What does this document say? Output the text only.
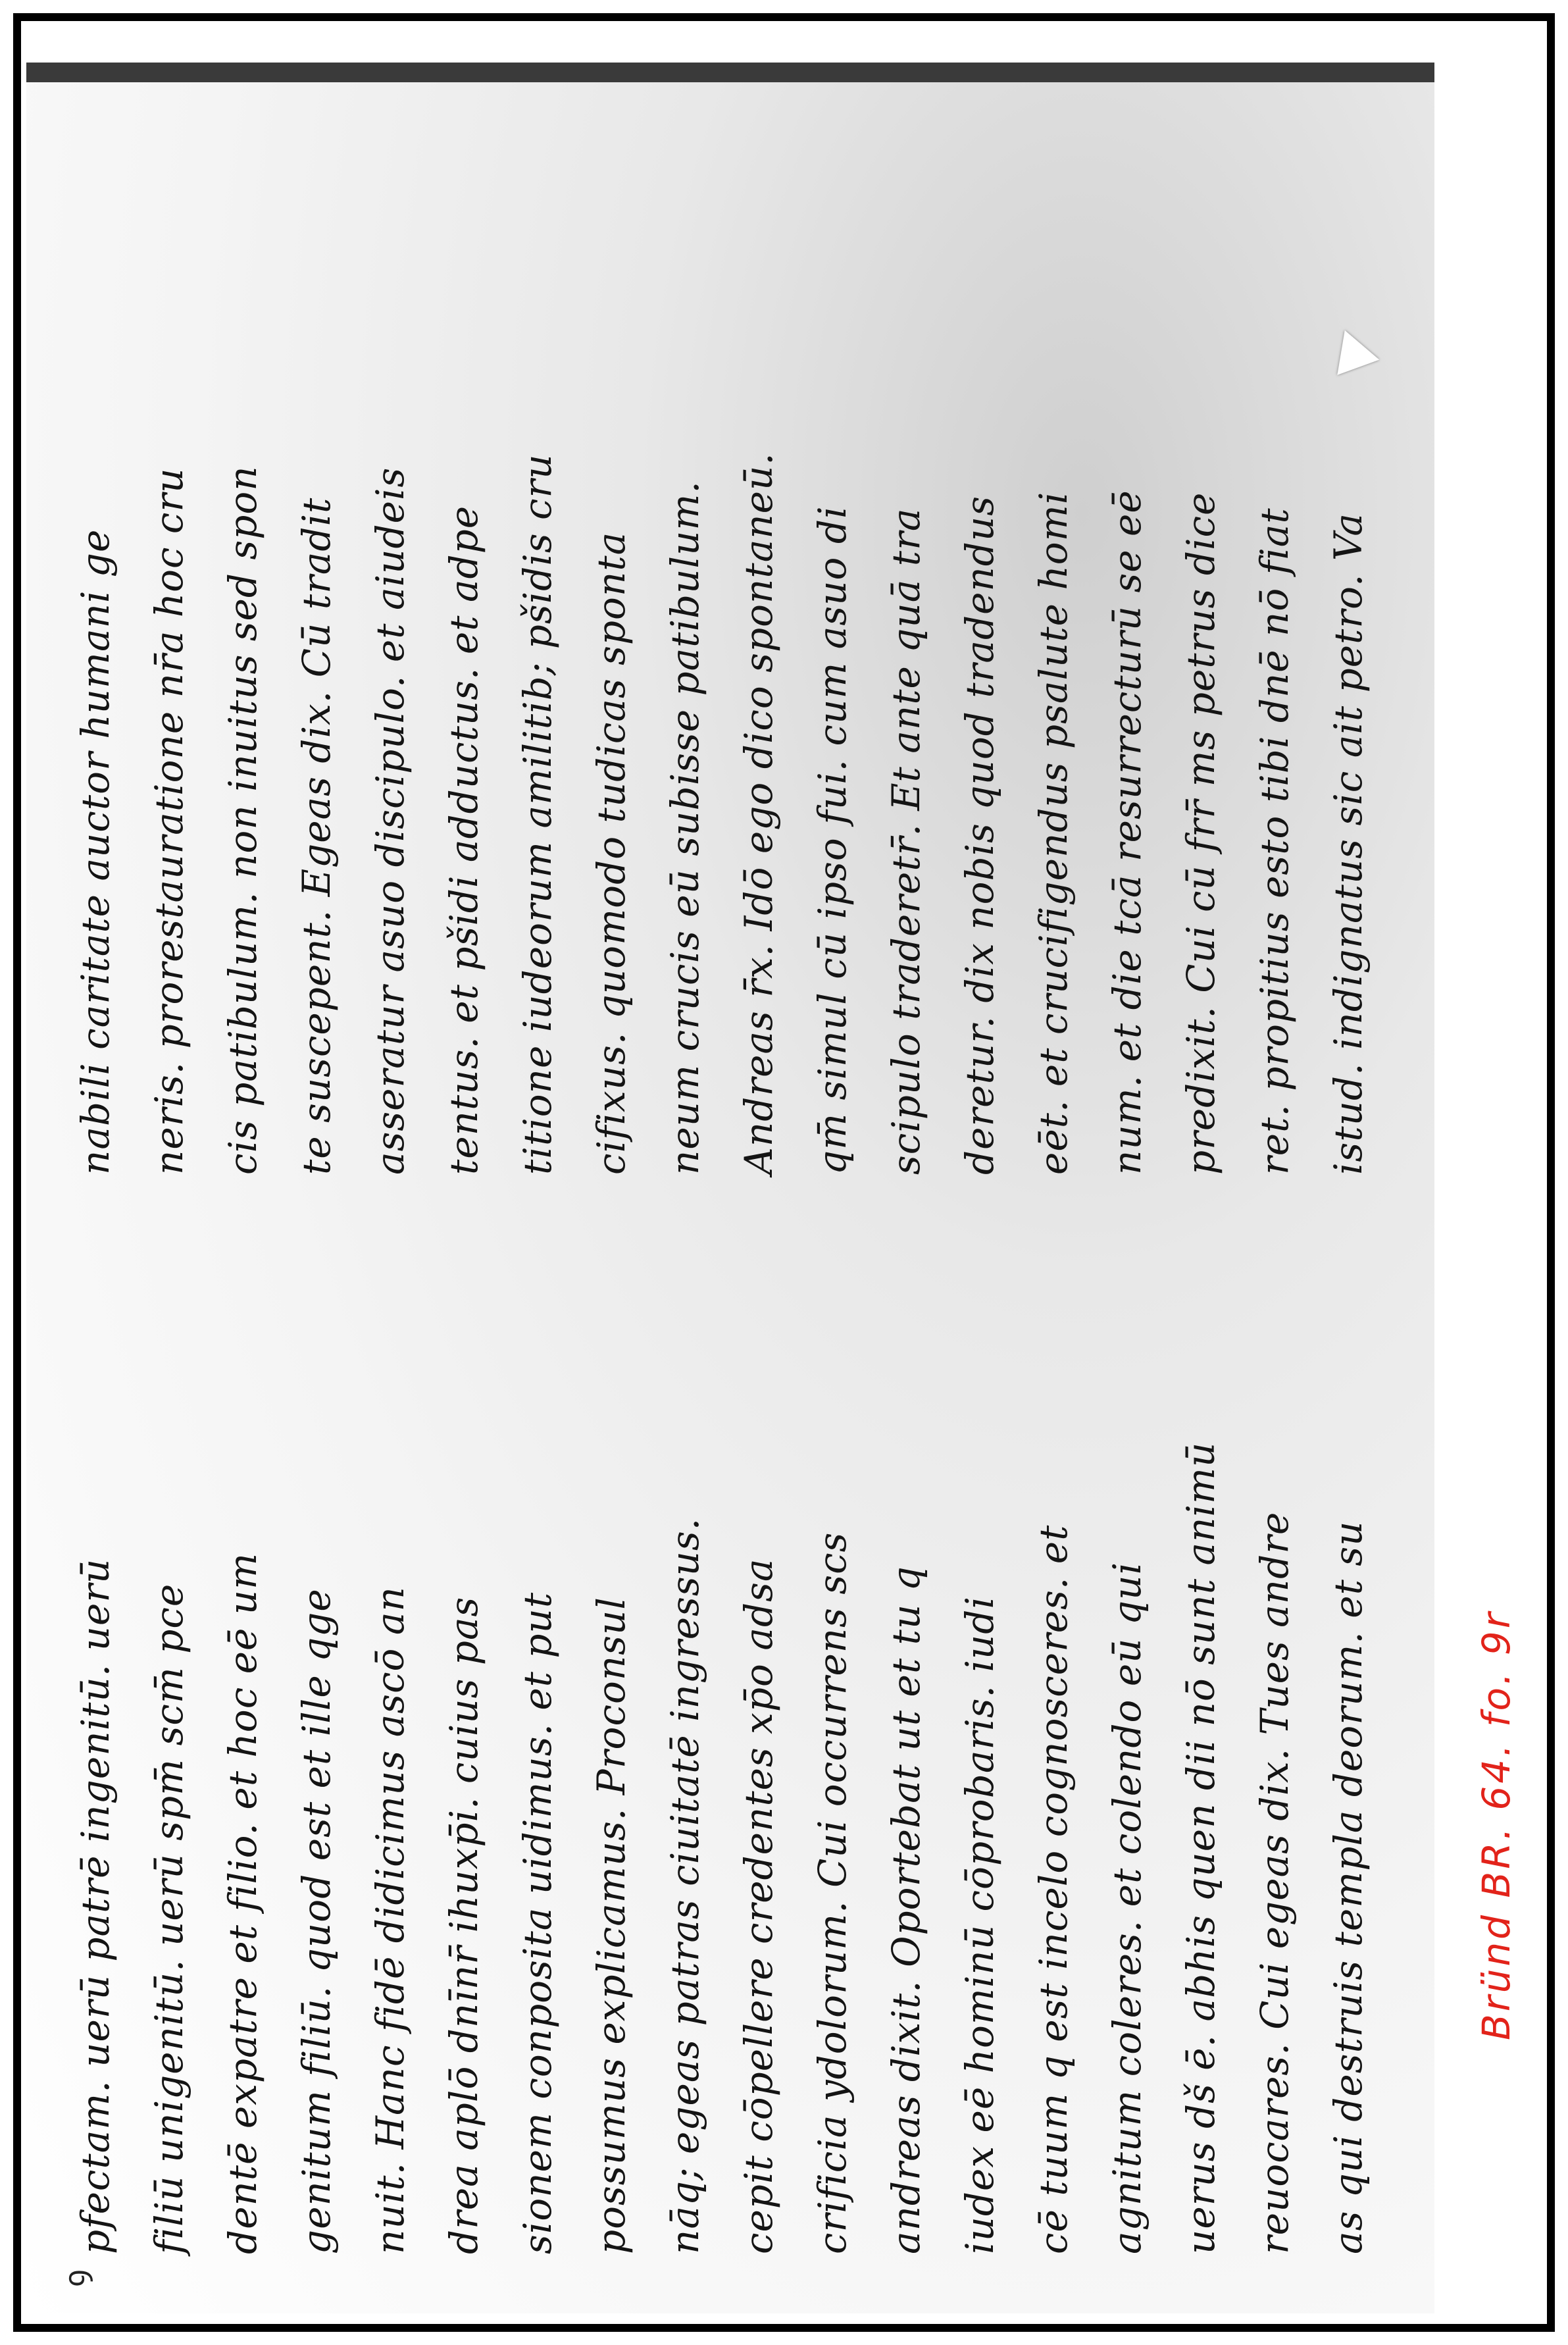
pfectam. uerū patrē ingenitū. uerū filiū unigenitū. uerū spm̄ scm̄ pce dentē expatre et filio. et hoc eē um genitum filiū. quod est et ille qge nuit. Hanc fidē didicimus ascō an drea aplō dnīnr̄ ihuxp̄i. cuius pas sionem conposita uidimus. et put possumus explicamus. Proconsul nāq; egeas patras ciuitatē ingressus. cepit cōpellere credentes xp̄o adsa crificia ydolorum. Cui occurrens scs andreas dixit. Oportebat ut et tu q iudex eē hominū cōprobaris. iudi cē tuum q est incelo cognosceres. et agnitum coleres. et colendo eū qui uerus dš ē. abhis quen dii nō sunt animū reuocares. Cui egeas dix. Tues andre as qui destruis templa deorum. et su
nabili caritate auctor humani ge neris. prorestauratione nr̄a hoc cru cis patibulum. non inuitus sed spon te suscepent. Egeas dix. Cū tradit asseratur asuo discipulo. et aiudeis tentus. et pšidi adductus. et adpe titione iudeorum amilitib; pšidis cru cifixus. quomodo tudicas sponta neum crucis eū subisse patibulum. Andreas r̄x. Idō ego dico spontaneū. qm̄ simul cū ipso fui. cum asuo di scipulo traderetr̄. Et ante quā tra deretur. dix nobis quod tradendus eēt. et crucifigendus psalute homi num. et die tcā resurrecturū se eē predixit. Cui cū frr̄ ms petrus dice ret. propitius esto tibi dnē nō fiat istud. indignatus sic ait petro. Va
ꝯ
Bründ BR. 64. fo. 9r
